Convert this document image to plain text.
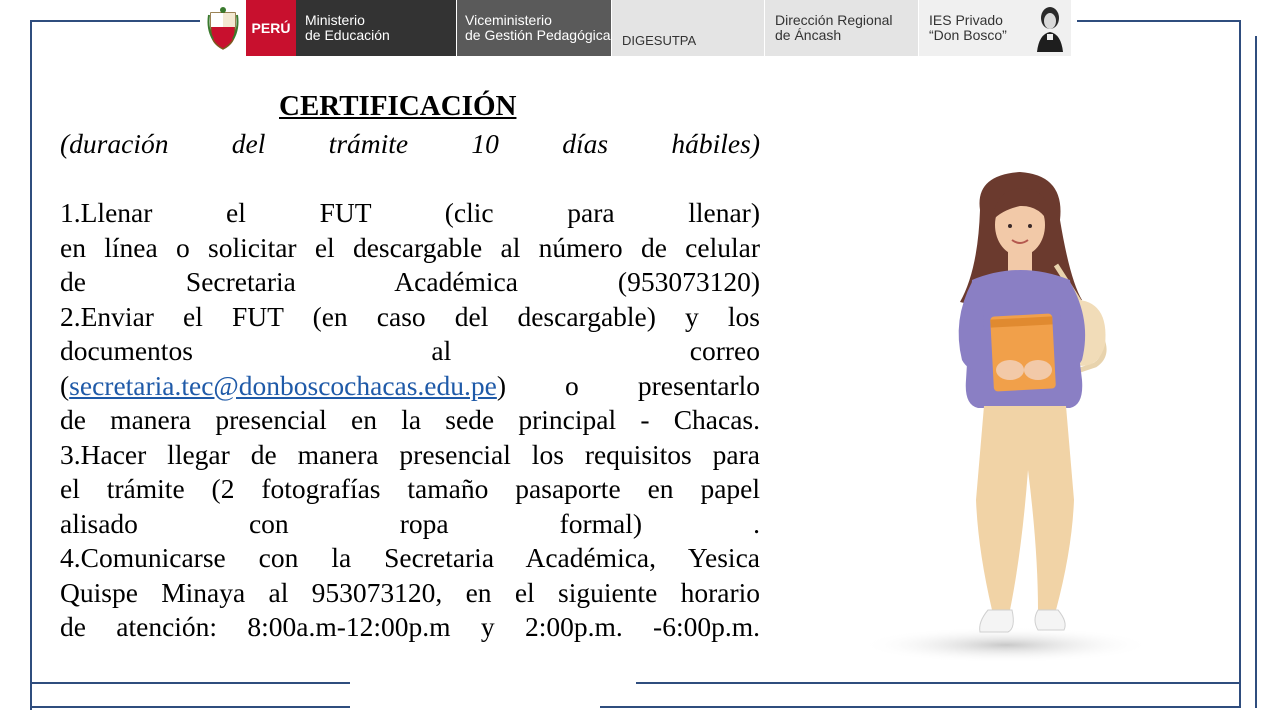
PERÚ	Ministerio
de Educación
Viceministerio
de Gestión Pedagógica DIGESUTPA
Dirección Regional
de Áncash
IES Privado
“Don Bosco”
CERTIFICACIÓN
(duración del trámite 10 días hábiles)
1.Llenar el FUT (clic para llenar)
en línea o solicitar el descargable al número de celular
de Secretaria Académica (953073120)
2.Enviar el FUT (en caso del descargable) y los
documentos al correo
(secretaria.tec@donboscochacas.edu.pe) o presentarlo
de manera presencial en la sede principal - Chacas.
3.Hacer llegar de manera presencial los requisitos para
el trámite (2 fotografías tamaño pasaporte en papel
alisado con ropa formal) .
4.Comunicarse con la Secretaria Académica, Yesica
Quispe Minaya al 953073120, en el siguiente horario
de atención: 8:00a.m-12:00p.m y 2:00p.m. -6:00p.m.
